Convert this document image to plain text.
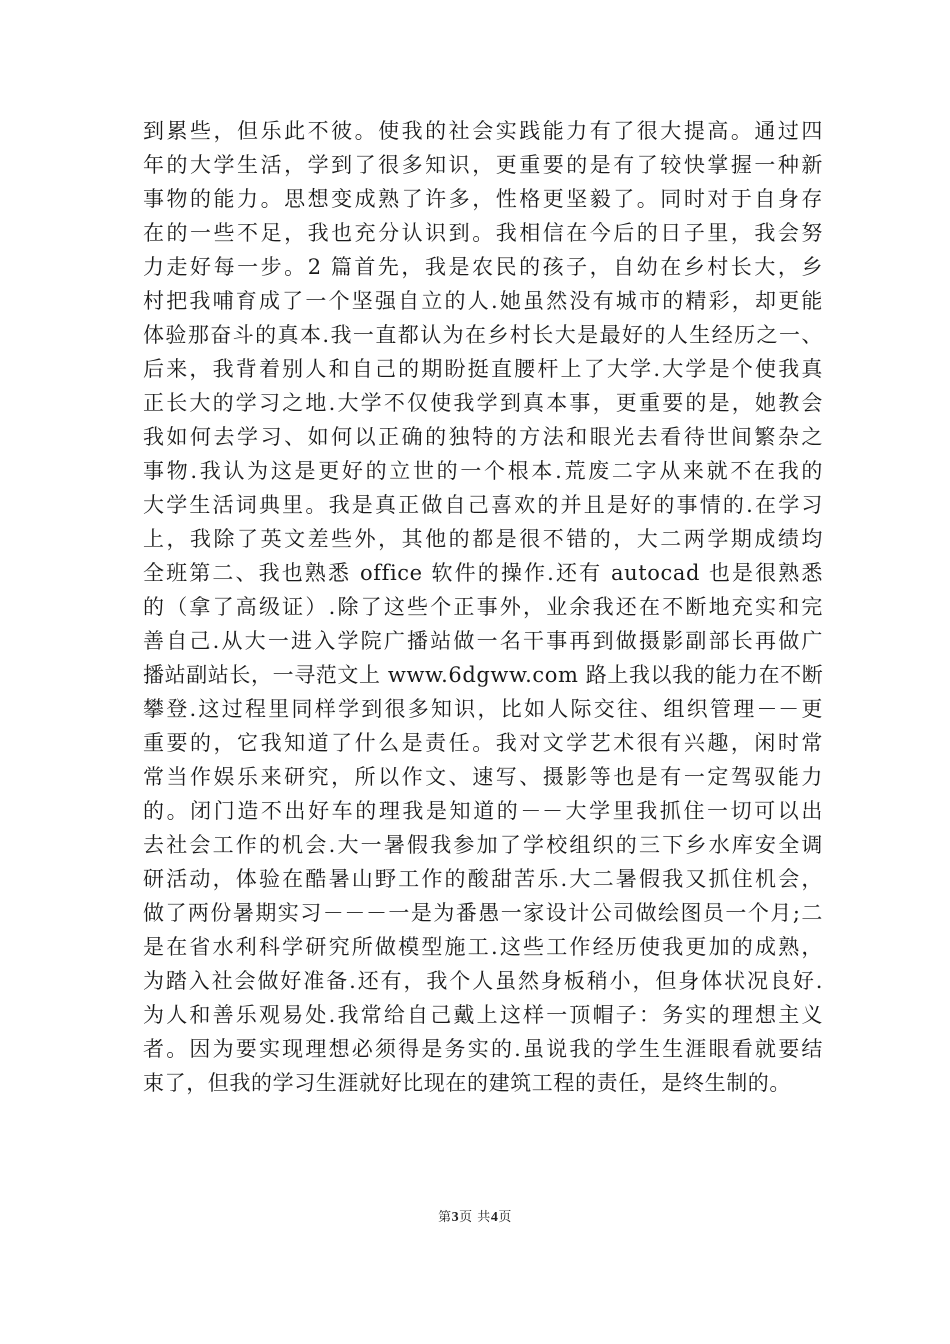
到累些，但乐此不彼。使我的社会实践能力有了很大提高。通过四
年的大学生活，学到了很多知识，更重要的是有了较快掌握一种新
事物的能力。思想变成熟了许多，性格更坚毅了。同时对于自身存
在的一些不足，我也充分认识到。我相信在今后的日子里，我会努
力走好每一步。2 篇首先，我是农民的孩子，自幼在乡村长大，乡
村把我哺育成了一个坚强自立的人.她虽然没有城市的精彩，却更能
体验那奋斗的真本.我一直都认为在乡村长大是最好的人生经历之一、
后来，我背着别人和自己的期盼挺直腰杆上了大学.大学是个使我真
正长大的学习之地.大学不仅使我学到真本事，更重要的是，她教会
我如何去学习、如何以正确的独特的方法和眼光去看待世间繁杂之
事物.我认为这是更好的立世的一个根本.荒废二字从来就不在我的
大学生活词典里。我是真正做自己喜欢的并且是好的事情的.在学习
上，我除了英文差些外，其他的都是很不错的，大二两学期成绩均
全班第二、我也熟悉 office 软件的操作.还有 autocad 也是很熟悉
的（拿了高级证）.除了这些个正事外，业余我还在不断地充实和完
善自己.从大一进入学院广播站做一名干事再到做摄影副部长再做广
播站副站长，一寻范文上 www.6dgww.com 路上我以我的能力在不断
攀登.这过程里同样学到很多知识，比如人际交往、组织管理－－更
重要的，它我知道了什么是责任。我对文学艺术很有兴趣，闲时常
常当作娱乐来研究，所以作文、速写、摄影等也是有一定驾驭能力
的。闭门造不出好车的理我是知道的－－大学里我抓住一切可以出
去社会工作的机会.大一暑假我参加了学校组织的三下乡水库安全调
研活动，体验在酷暑山野工作的酸甜苦乐.大二暑假我又抓住机会，
做了两份暑期实习－－－一是为番愚一家设计公司做绘图员一个月;二
是在省水利科学研究所做模型施工.这些工作经历使我更加的成熟，
为踏入社会做好准备.还有，我个人虽然身板稍小，但身体状况良好.
为人和善乐观易处.我常给自己戴上这样一顶帽子：务实的理想主义
者。因为要实现理想必须得是务实的.虽说我的学生生涯眼看就要结
束了，但我的学习生涯就好比现在的建筑工程的责任，是终生制的。
第3页 共4页
